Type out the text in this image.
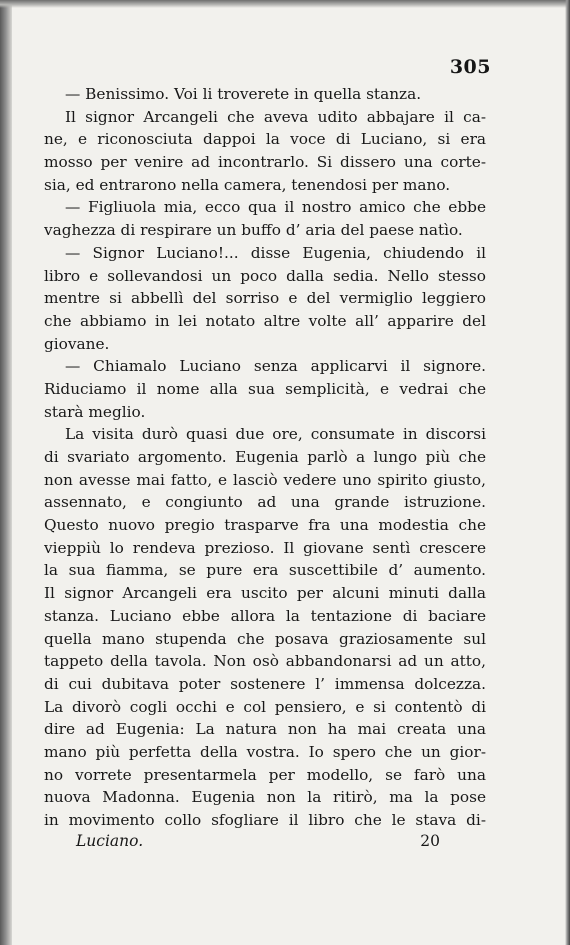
305
— Benissimo. Voi li troverete in quella stanza.
Il signor Arcangeli che aveva udito abbajare il ca-
ne, e riconosciuta dappoi la voce di Luciano, si era
mosso per venire ad incontrarlo. Si dissero una corte-
sia, ed entrarono nella camera, tenendosi per mano.
— Figliuola mia, ecco qua il nostro amico che ebbe
vaghezza di respirare un buffo d’ aria del paese natìo.
— Signor Luciano!... disse Eugenia, chiudendo il
libro e sollevandosi un poco dalla sedia. Nello stesso
mentre si abbellì del sorriso e del vermiglio leggiero
che abbiamo in lei notato altre volte all’ apparire del
giovane.
— Chiamalo Luciano senza applicarvi il signore.
Riduciamo il nome alla sua semplicità, e vedrai che
starà meglio.
La visita durò quasi due ore, consumate in discorsi
di svariato argomento. Eugenia parlò a lungo più che
non avesse mai fatto, e lasciò vedere uno spirito giusto,
assennato, e congiunto ad una grande istruzione.
Questo nuovo pregio trasparve fra una modestia che
vieppiù lo rendeva prezioso. Il giovane sentì crescere
la sua fiamma, se pure era suscettibile d’ aumento.
Il signor Arcangeli era uscito per alcuni minuti dalla
stanza. Luciano ebbe allora la tentazione di baciare
quella mano stupenda che posava graziosamente sul
tappeto della tavola. Non osò abbandonarsi ad un atto,
di cui dubitava poter sostenere l’ immensa dolcezza.
La divorò cogli occhi e col pensiero, e si contentò di
dire ad Eugenia: La natura non ha mai creata una
mano più perfetta della vostra. Io spero che un gior-
no vorrete presentarmela per modello, se farò una
nuova Madonna. Eugenia non la ritirò, ma la pose
in movimento collo sfogliare il libro che le stava di-
Luciano.	20
